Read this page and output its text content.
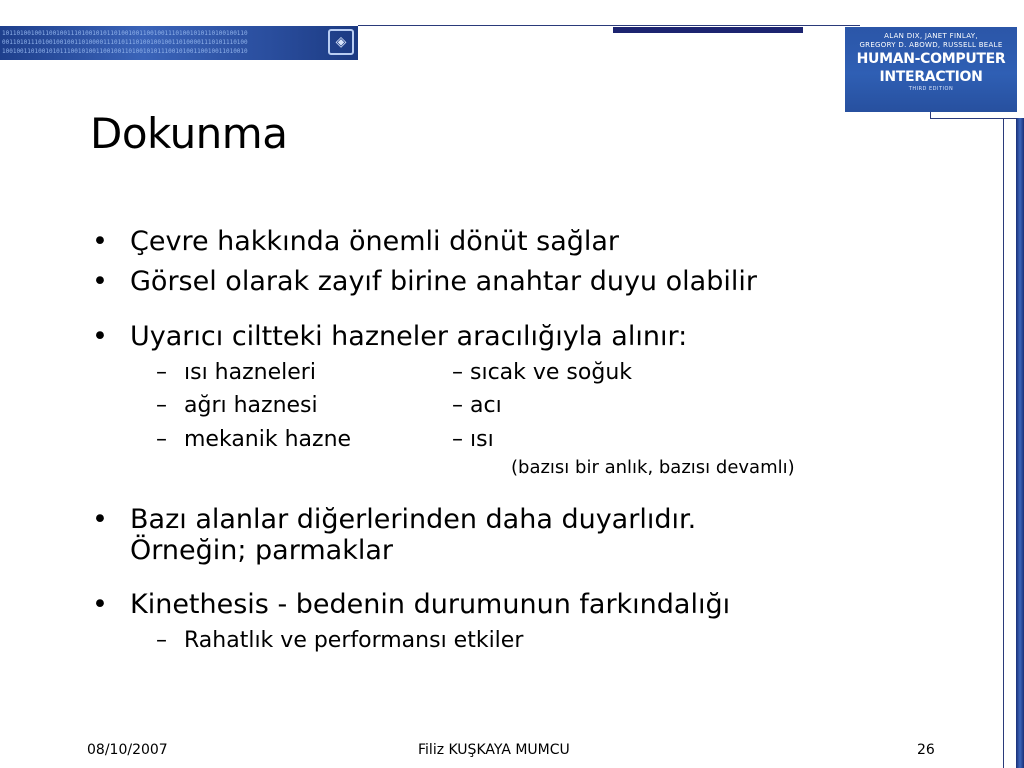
10110100100110010011101001010110100100110010011101001010110100100110
00110101110100100100110100001110101110100100100110100001110101110100
10010011010010101110010100110010011010010101110010100110010011010010
◈	ALAN DIX, JANET FINLAY,
GREGORY D. ABOWD, RUSSELL BEALE
HUMAN-COMPUTER
INTERACTION
THIRD EDITION
Dokunma
• Çevre hakkında önemli dönüt sağlar
• Görsel olarak zayıf birine anahtar duyu olabilir
• Uyarıcı ciltteki hazneler aracılığıyla alınır:
– ısı hazneleri	– sıcak ve soğuk
– ağrı haznesi	– acı
– mekanik hazne	– ısı
(bazısı bir anlık, bazısı devamlı)
• Bazı alanlar diğerlerinden daha duyarlıdır.
Örneğin; parmaklar
• Kinethesis - bedenin durumunun farkındalığı
– Rahatlık ve performansı etkiler
08/10/2007	Filiz KUŞKAYA MUMCU	26
